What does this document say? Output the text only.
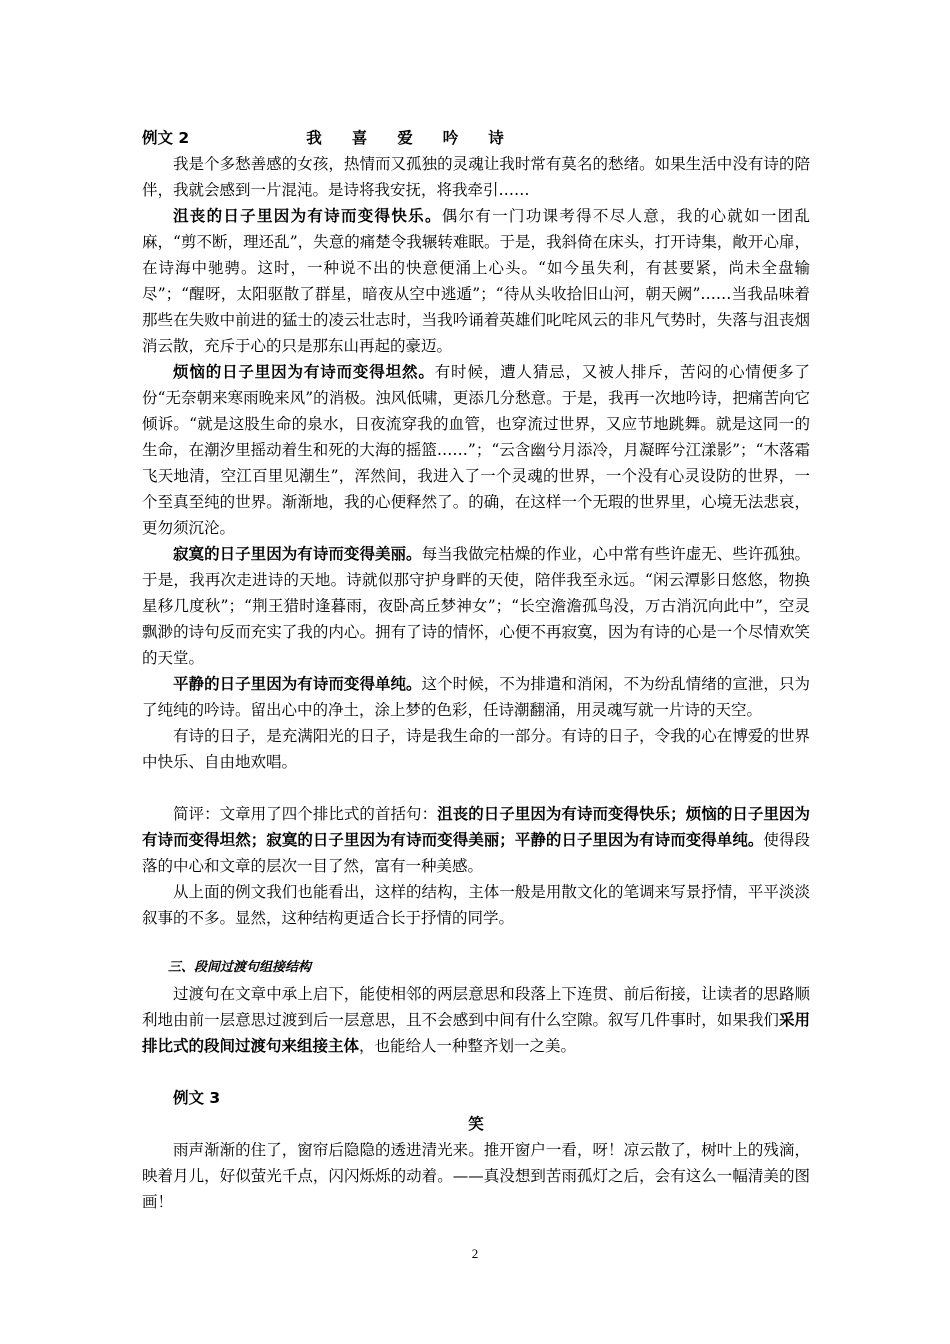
例文 2	我喜爱吟诗

我是个多愁善感的女孩，热情而又孤独的灵魂让我时常有莫名的愁绪。如果生活中没有诗的陪伴，我就会感到一片混沌。是诗将我安抚，将我牵引……

沮丧的日子里因为有诗而变得快乐。偶尔有一门功课考得不尽人意，我的心就如一团乱麻，“剪不断，理还乱”，失意的痛楚令我辗转难眠。于是，我斜倚在床头，打开诗集，敞开心扉，在诗海中驰骋。这时，一种说不出的快意便涌上心头。“如今虽失利，有甚要紧，尚未全盘输尽”；“醒呀，太阳驱散了群星，暗夜从空中逃遁”；“待从头收拾旧山河，朝天阙”……当我品味着那些在失败中前进的猛士的凌云壮志时，当我吟诵着英雄们叱咤风云的非凡气势时，失落与沮丧烟消云散，充斥于心的只是那东山再起的豪迈。

烦恼的日子里因为有诗而变得坦然。有时候，遭人猜忌，又被人排斥，苦闷的心情便多了份“无奈朝来寒雨晚来风”的消极。浊风低啸，更添几分愁意。于是，我再一次地吟诗，把痛苦向它倾诉。“就是这股生命的泉水，日夜流穿我的血管，也穿流过世界，又应节地跳舞。就是这同一的生命，在潮汐里摇动着生和死的大海的摇篮……”；“云含幽兮月添冷，月凝晖兮江漾影”；“木落霜飞天地清，空江百里见潮生”，浑然间，我进入了一个灵魂的世界，一个没有心灵设防的世界，一个至真至纯的世界。渐渐地，我的心便释然了。的确，在这样一个无瑕的世界里，心境无法悲哀，更勿须沉沦。

寂寞的日子里因为有诗而变得美丽。每当我做完枯燥的作业，心中常有些许虚无、些许孤独。于是，我再次走进诗的天地。诗就似那守护身畔的天使，陪伴我至永远。“闲云潭影日悠悠，物换星移几度秋”；“荆王猎时逢暮雨，夜卧高丘梦神女”；“长空澹澹孤鸟没，万古消沉向此中”，空灵飘渺的诗句反而充实了我的内心。拥有了诗的情怀，心便不再寂寞，因为有诗的心是一个尽情欢笑的天堂。

平静的日子里因为有诗而变得单纯。这个时候，不为排遣和消闲，不为纷乱情绪的宣泄，只为了纯纯的吟诗。留出心中的净土，涂上梦的色彩，任诗潮翻涌，用灵魂写就一片诗的天空。

有诗的日子，是充满阳光的日子，诗是我生命的一部分。有诗的日子，令我的心在博爱的世界中快乐、自由地欢唱。

简评：文章用了四个排比式的首括句：沮丧的日子里因为有诗而变得快乐；烦恼的日子里因为有诗而变得坦然；寂寞的日子里因为有诗而变得美丽；平静的日子里因为有诗而变得单纯。使得段落的中心和文章的层次一目了然，富有一种美感。

从上面的例文我们也能看出，这样的结构，主体一般是用散文化的笔调来写景抒情，平平淡淡叙事的不多。显然，这种结构更适合长于抒情的同学。

三、段间过渡句组接结构

过渡句在文章中承上启下，能使相邻的两层意思和段落上下连贯、前后衔接，让读者的思路顺利地由前一层意思过渡到后一层意思，且不会感到中间有什么空隙。叙写几件事时，如果我们采用排比式的段间过渡句来组接主体，也能给人一种整齐划一之美。

例文 3
笑

雨声渐渐的住了，窗帘后隐隐的透进清光来。推开窗户一看，呀！凉云散了，树叶上的残滴，映着月儿，好似萤光千点，闪闪烁烁的动着。——真没想到苦雨孤灯之后，会有这么一幅清美的图画！

2
